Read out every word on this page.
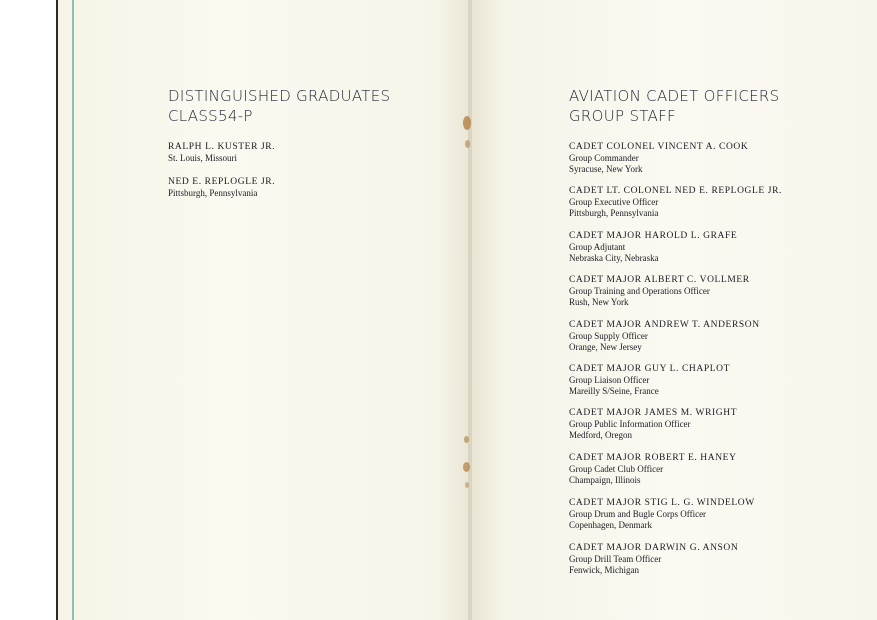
DISTINGUISHED GRADUATES
CLASS54-P
RALPH L. KUSTER JR.
St. Louis, Missouri
NED E. REPLOGLE JR.
Pittsburgh, Pennsylvania
AVIATION CADET OFFICERS
GROUP STAFF
CADET COLONEL VINCENT A. COOK
Group Commander
Syracuse, New York
CADET LT. COLONEL NED E. REPLOGLE JR.
Group Executive Officer
Pittsburgh, Pennsylvania
CADET MAJOR HAROLD L. GRAFE
Group Adjutant
Nebraska City, Nebraska
CADET MAJOR ALBERT C. VOLLMER
Group Training and Operations Officer
Rush, New York
CADET MAJOR ANDREW T. ANDERSON
Group Supply Officer
Orange, New Jersey
CADET MAJOR GUY L. CHAPLOT
Group Liaison Officer
Mareilly S/Seine, France
CADET MAJOR JAMES M. WRIGHT
Group Public Information Officer
Medford, Oregon
CADET MAJOR ROBERT E. HANEY
Group Cadet Club Officer
Champaign, Illinois
CADET MAJOR STIG L. G. WINDELOW
Group Drum and Bugle Corps Officer
Copenhagen, Denmark
CADET MAJOR DARWIN G. ANSON
Group Drill Team Officer
Fenwick, Michigan
